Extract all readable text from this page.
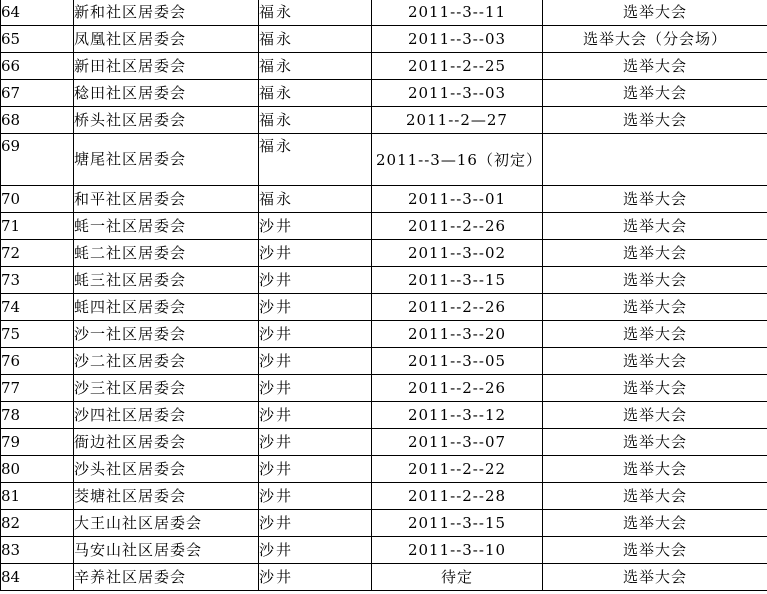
64	新和社区居委会	福永	2011--3--11	选举大会
65	凤凰社区居委会	福永	2011--3--03	选举大会（分会场）
66	新田社区居委会	福永	2011--2--25	选举大会
67	稔田社区居委会	福永	2011--3--03	选举大会
68	桥头社区居委会	福永	2011--2—27	选举大会
69	塘尾社区居委会	福永	2011--3—16（初定）	
70	和平社区居委会	福永	2011--3--01	选举大会
71	蚝一社区居委会	沙井	2011--2--26	选举大会
72	蚝二社区居委会	沙井	2011--3--02	选举大会
73	蚝三社区居委会	沙井	2011--3--15	选举大会
74	蚝四社区居委会	沙井	2011--2--26	选举大会
75	沙一社区居委会	沙井	2011--3--20	选举大会
76	沙二社区居委会	沙井	2011--3--05	选举大会
77	沙三社区居委会	沙井	2011--2--26	选举大会
78	沙四社区居委会	沙井	2011--3--12	选举大会
79	衙边社区居委会	沙井	2011--3--07	选举大会
80	沙头社区居委会	沙井	2011--2--22	选举大会
81	茭塘社区居委会	沙井	2011--2--28	选举大会
82	大王山社区居委会	沙井	2011--3--15	选举大会
83	马安山社区居委会	沙井	2011--3--10	选举大会
84	辛养社区居委会	沙井	待定	选举大会
